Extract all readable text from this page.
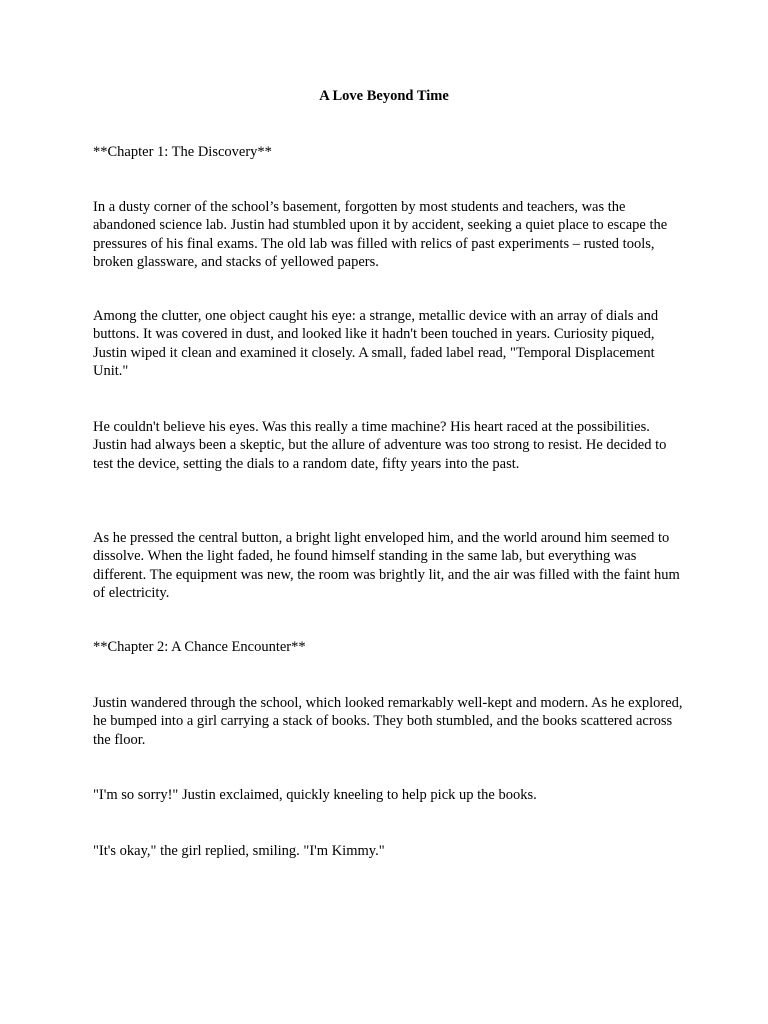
A Love Beyond Time

**Chapter 1: The Discovery**

In a dusty corner of the school’s basement, forgotten by most students and teachers, was the abandoned science lab. Justin had stumbled upon it by accident, seeking a quiet place to escape the pressures of his final exams. The old lab was filled with relics of past experiments – rusted tools, broken glassware, and stacks of yellowed papers.

Among the clutter, one object caught his eye: a strange, metallic device with an array of dials and buttons. It was covered in dust, and looked like it hadn't been touched in years. Curiosity piqued, Justin wiped it clean and examined it closely. A small, faded label read, "Temporal Displacement Unit."

He couldn't believe his eyes. Was this really a time machine? His heart raced at the possibilities. Justin had always been a skeptic, but the allure of adventure was too strong to resist. He decided to test the device, setting the dials to a random date, fifty years into the past.

As he pressed the central button, a bright light enveloped him, and the world around him seemed to dissolve. When the light faded, he found himself standing in the same lab, but everything was different. The equipment was new, the room was brightly lit, and the air was filled with the faint hum of electricity.

**Chapter 2: A Chance Encounter**

Justin wandered through the school, which looked remarkably well-kept and modern. As he explored, he bumped into a girl carrying a stack of books. They both stumbled, and the books scattered across the floor.

"I'm so sorry!" Justin exclaimed, quickly kneeling to help pick up the books.

"It's okay," the girl replied, smiling. "I'm Kimmy."
